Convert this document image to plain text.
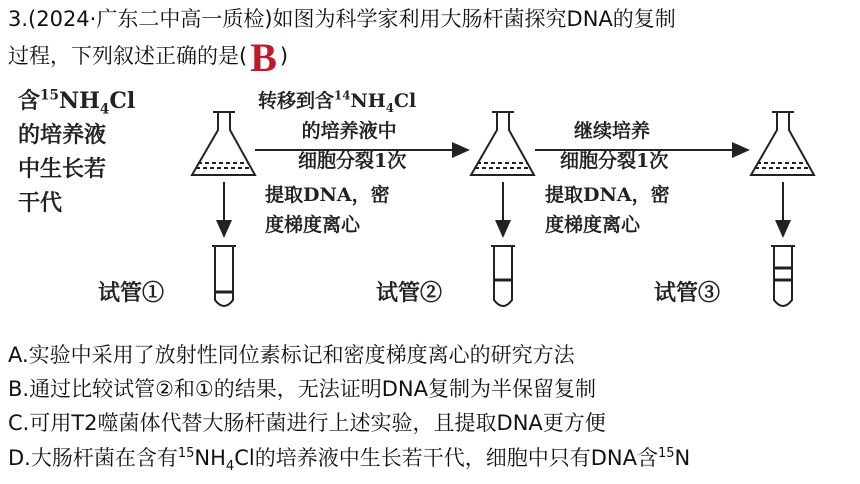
3.(2024·广东二中高一质检)如图为科学家利用大肠杆菌探究DNA的复制
过程，下列叙述正确的是(B )
含$^{15}NH_4Cl$
的培养液
中生长若
干代
转移到含$^{14}NH_4Cl$
的培养液中
细胞分裂1次
继续培养
细胞分裂1次
提取DNA，密
度梯度离心
提取DNA，密
度梯度离心
试管①	试管②	试管③
A.实验中采用了放射性同位素标记和密度梯度离心的研究方法
B.通过比较试管②和①的结果，无法证明DNA复制为半保留复制
C.可用T2噬菌体代替大肠杆菌进行上述实验，且提取DNA更方便
D.大肠杆菌在含有$^{15}NH_4Cl$的培养液中生长若干代，细胞中只有DNA含$^{15}$N
